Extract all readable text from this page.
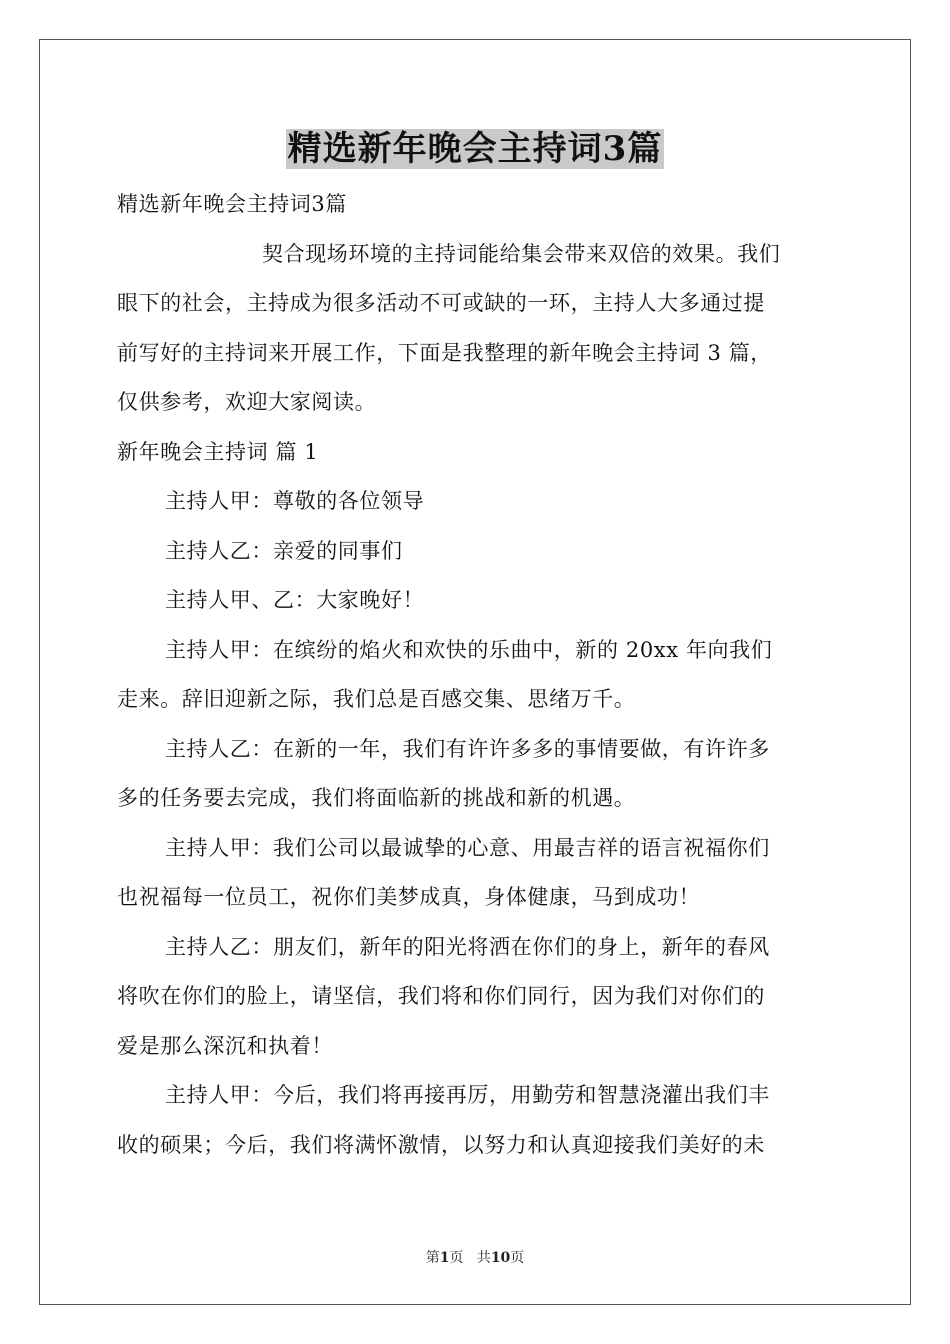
精选新年晚会主持词3篇

精选新年晚会主持词3篇

契合现场环境的主持词能给集会带来双倍的效果。我们

眼下的社会，主持成为很多活动不可或缺的一环，主持人大多通过提

前写好的主持词来开展工作，下面是我整理的新年晚会主持词 3 篇，

仅供参考，欢迎大家阅读。

新年晚会主持词 篇 1

主持人甲：尊敬的各位领导

主持人乙：亲爱的同事们

主持人甲、乙：大家晚好！

主持人甲：在缤纷的焰火和欢快的乐曲中，新的 20xx 年向我们

走来。辞旧迎新之际，我们总是百感交集、思绪万千。

主持人乙：在新的一年，我们有许许多多的事情要做，有许许多

多的任务要去完成，我们将面临新的挑战和新的机遇。

主持人甲：我们公司以最诚挚的心意、用最吉祥的语言祝福你们

也祝福每一位员工，祝你们美梦成真，身体健康，马到成功！

主持人乙：朋友们，新年的阳光将洒在你们的身上，新年的春风

将吹在你们的脸上，请坚信，我们将和你们同行，因为我们对你们的

爱是那么深沉和执着！

主持人甲：今后，我们将再接再厉，用勤劳和智慧浇灌出我们丰

收的硕果；今后，我们将满怀激情，以努力和认真迎接我们美好的未

第1页 共10页
